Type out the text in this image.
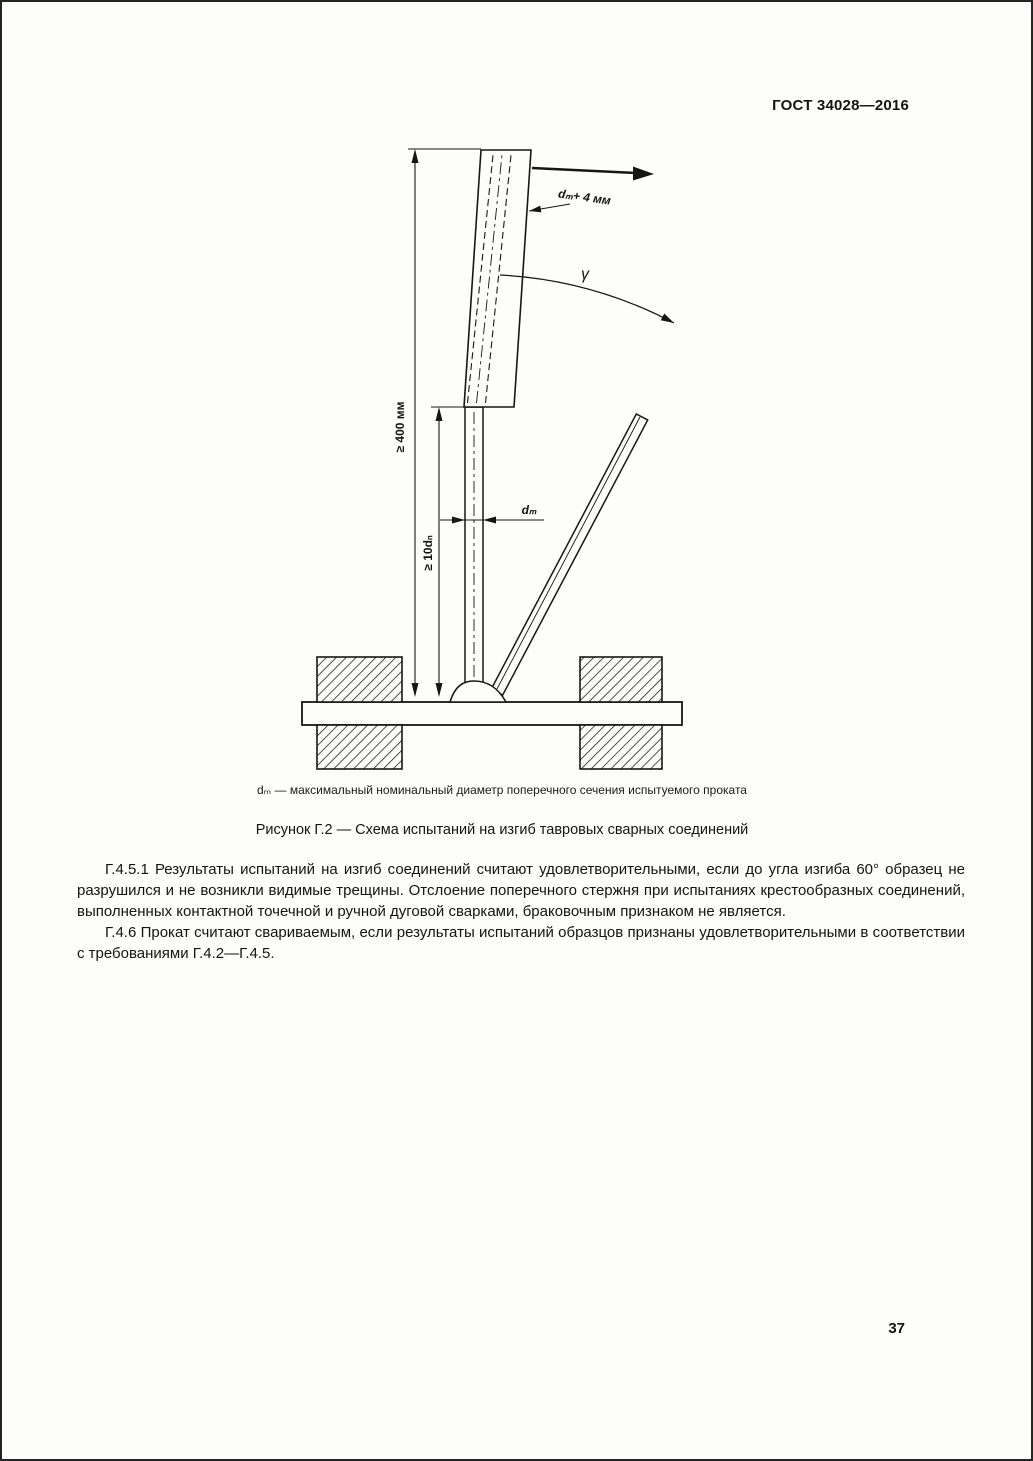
ГОСТ 34028—2016
≥ 400 мм
≥ 10dₙ
dₘ
dₘ+ 4 мм
γ
dₘ — максимальный номинальный диаметр поперечного сечения испытуемого проката
Рисунок Г.2 — Схема испытаний на изгиб тавровых сварных соединений

Г.4.5.1 Результаты испытаний на изгиб соединений считают удовлетворительными, если до угла изгиба 60° образец не разрушился и не возникли видимые трещины. Отслоение поперечного стержня при испытаниях крестообразных соединений, выполненных контактной точечной и ручной дуговой сварками, браковочным признаком не является.

Г.4.6 Прокат считают свариваемым, если результаты испытаний образцов признаны удовлетворительными в соответствии с требованиями Г.4.2—Г.4.5.

37
